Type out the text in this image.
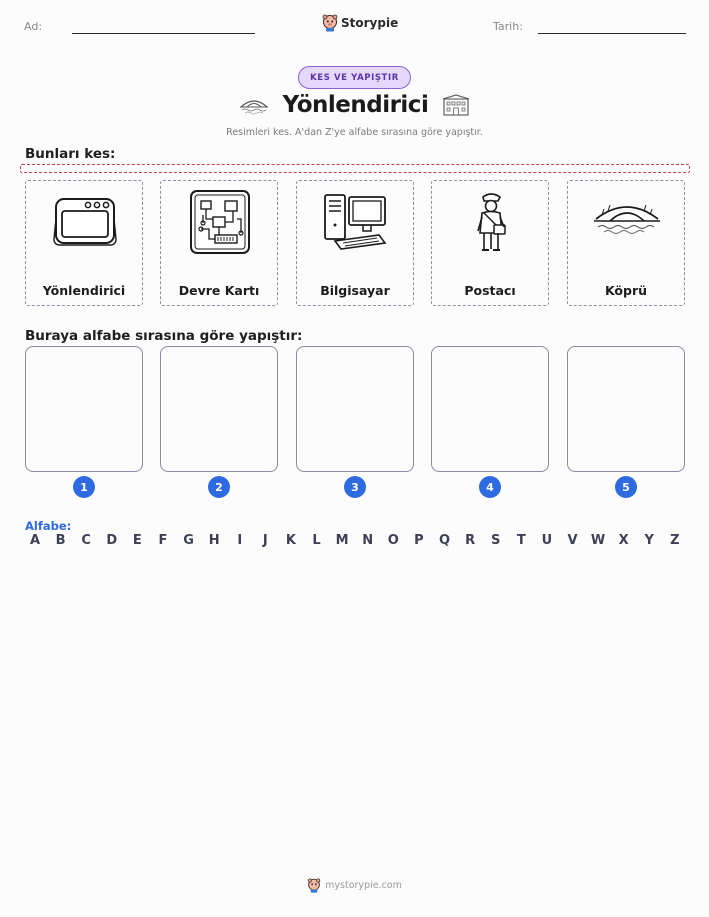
Ad:	Storypie	Tarih:
KES VE YAPIŞTIR
Yönlendirici
Resimleri kes. A'dan Z'ye alfabe sırasına göre yapıştır.
Bunları kes:
Yönlendirici	Devre Kartı	Bilgisayar	Postacı	Köprü
Buraya alfabe sırasına göre yapıştır:
1	2	3	4	5
Alfabe:
A	B	C	D	E	F	G H	I	J	K	L	M N O	P	Q	R	S	T	U	V	W	X	Y	Z
mystorypie.com
